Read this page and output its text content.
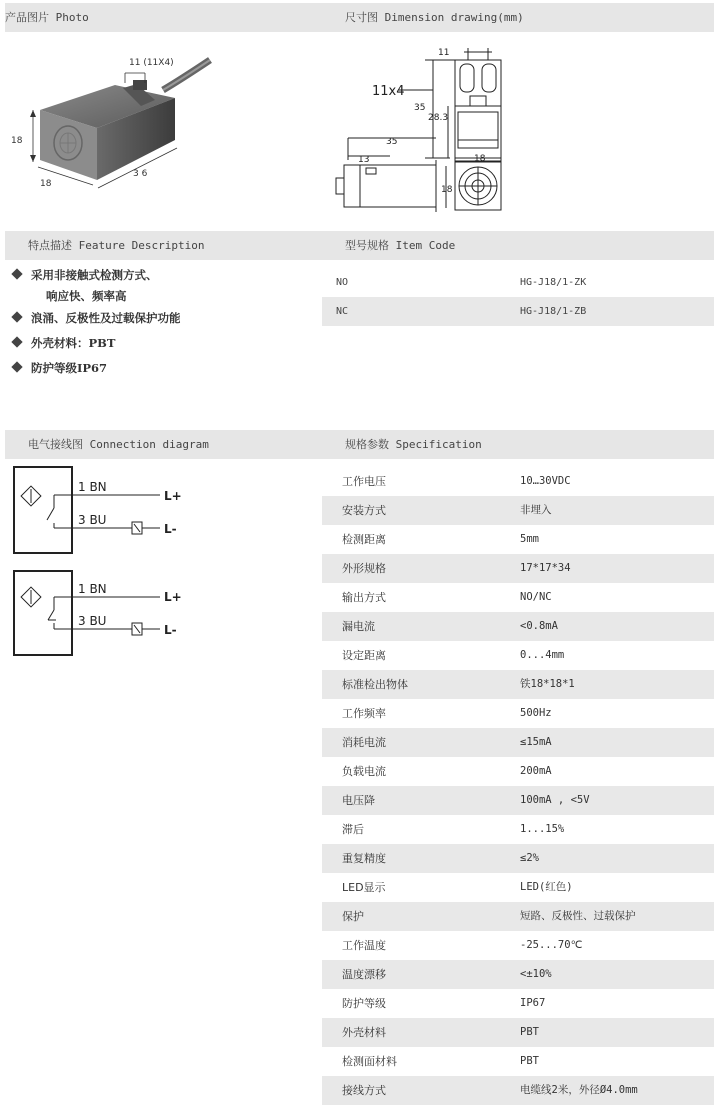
产品图片 Photo	尺寸图 Dimension drawing(mm)
特点描述 Feature Description	型号规格 Item Code
电气接线图 Connection diagram	规格参数 Specification
18
18
3 6
11 (11X4)
11
11x4
35
28.3
35
13	18
18
采用非接触式检测方式、
响应快、频率高
浪涌、反极性及过载保护功能
外壳材料：PBT
防护等级IP67
NO	HG-J18/1-ZK
NC	HG-J18/1-ZB
1 BN
3 BU
L+
L-
1 BN
3 BU
L+
L-
工作电压	10…30VDC
安装方式	非埋入
检测距离	5mm
外形规格	17*17*34
输出方式	NO/NC
漏电流	<0.8mA
设定距离	0...4mm
标准检出物体	铁18*18*1
工作频率	500Hz
消耗电流	≤15mA
负载电流	200mA
电压降	100mA , <5V
滞后	1...15%
重复精度	≤2%
LED显示	LED(红色)
保护	短路、反极性、过载保护
工作温度	-25...70℃
温度漂移	<±10%
防护等级	IP67
外壳材料	PBT
检测面材料	PBT
接线方式	电缆线2米，外径Ø4.0mm
